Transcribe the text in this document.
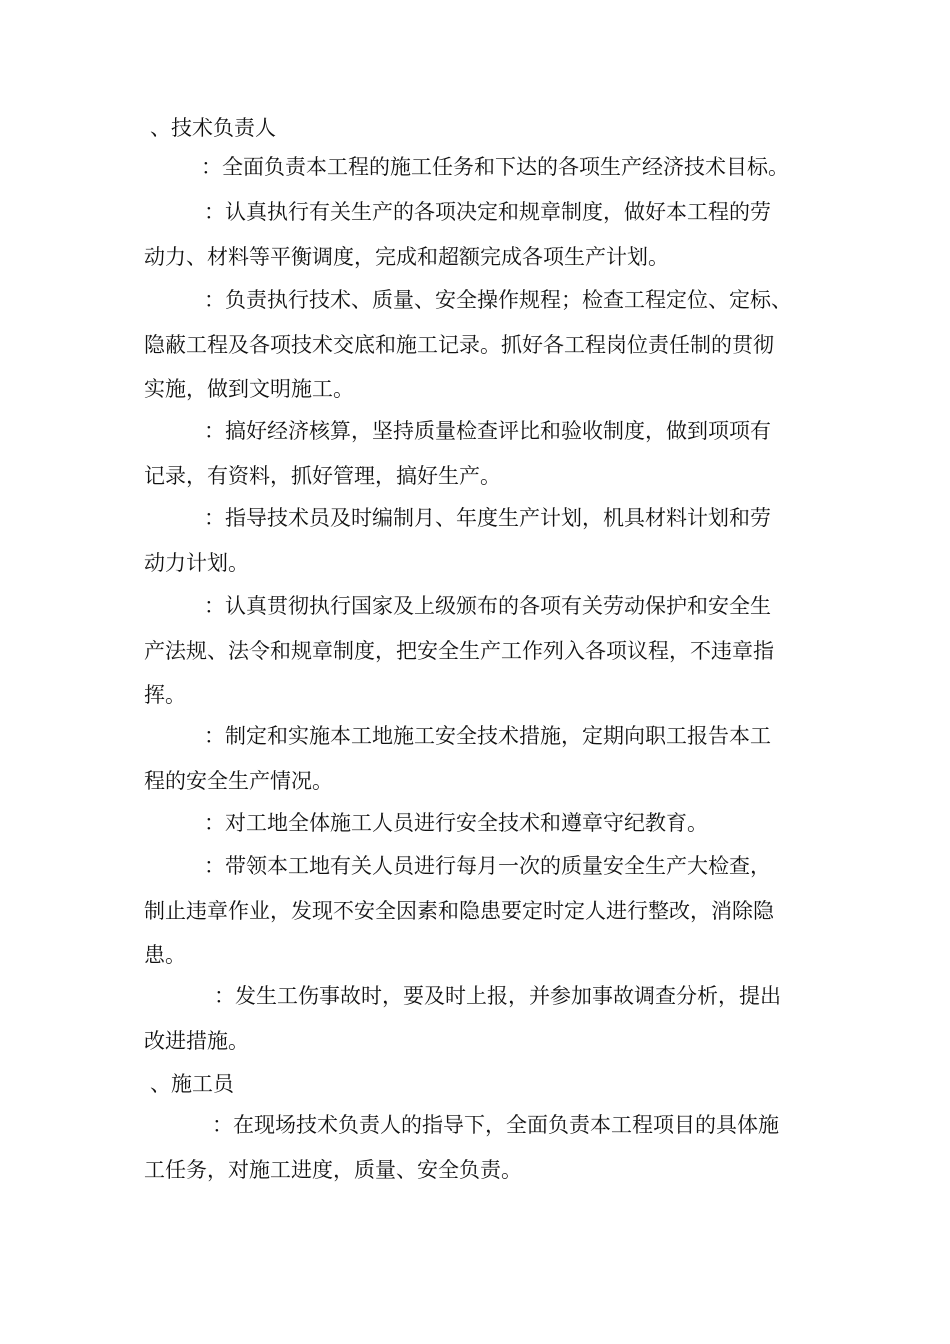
、技术负责人
：全面负责本工程的施工任务和下达的各项生产经济技术目标。
：认真执行有关生产的各项决定和规章制度，做好本工程的劳
动力、材料等平衡调度，完成和超额完成各项生产计划。
：负责执行技术、质量、安全操作规程；检查工程定位、定标、
隐蔽工程及各项技术交底和施工记录。抓好各工程岗位责任制的贯彻
实施，做到文明施工。
：搞好经济核算，坚持质量检查评比和验收制度，做到项项有
记录，有资料，抓好管理，搞好生产。
：指导技术员及时编制月、年度生产计划，机具材料计划和劳
动力计划。
：认真贯彻执行国家及上级颁布的各项有关劳动保护和安全生
产法规、法令和规章制度，把安全生产工作列入各项议程，不违章指
挥。
：制定和实施本工地施工安全技术措施，定期向职工报告本工
程的安全生产情况。
：对工地全体施工人员进行安全技术和遵章守纪教育。
：带领本工地有关人员进行每月一次的质量安全生产大检查，
制止违章作业，发现不安全因素和隐患要定时定人进行整改，消除隐
患。
：发生工伤事故时，要及时上报，并参加事故调查分析，提出
改进措施。
、施工员
：在现场技术负责人的指导下，全面负责本工程项目的具体施
工任务，对施工进度，质量、安全负责。
